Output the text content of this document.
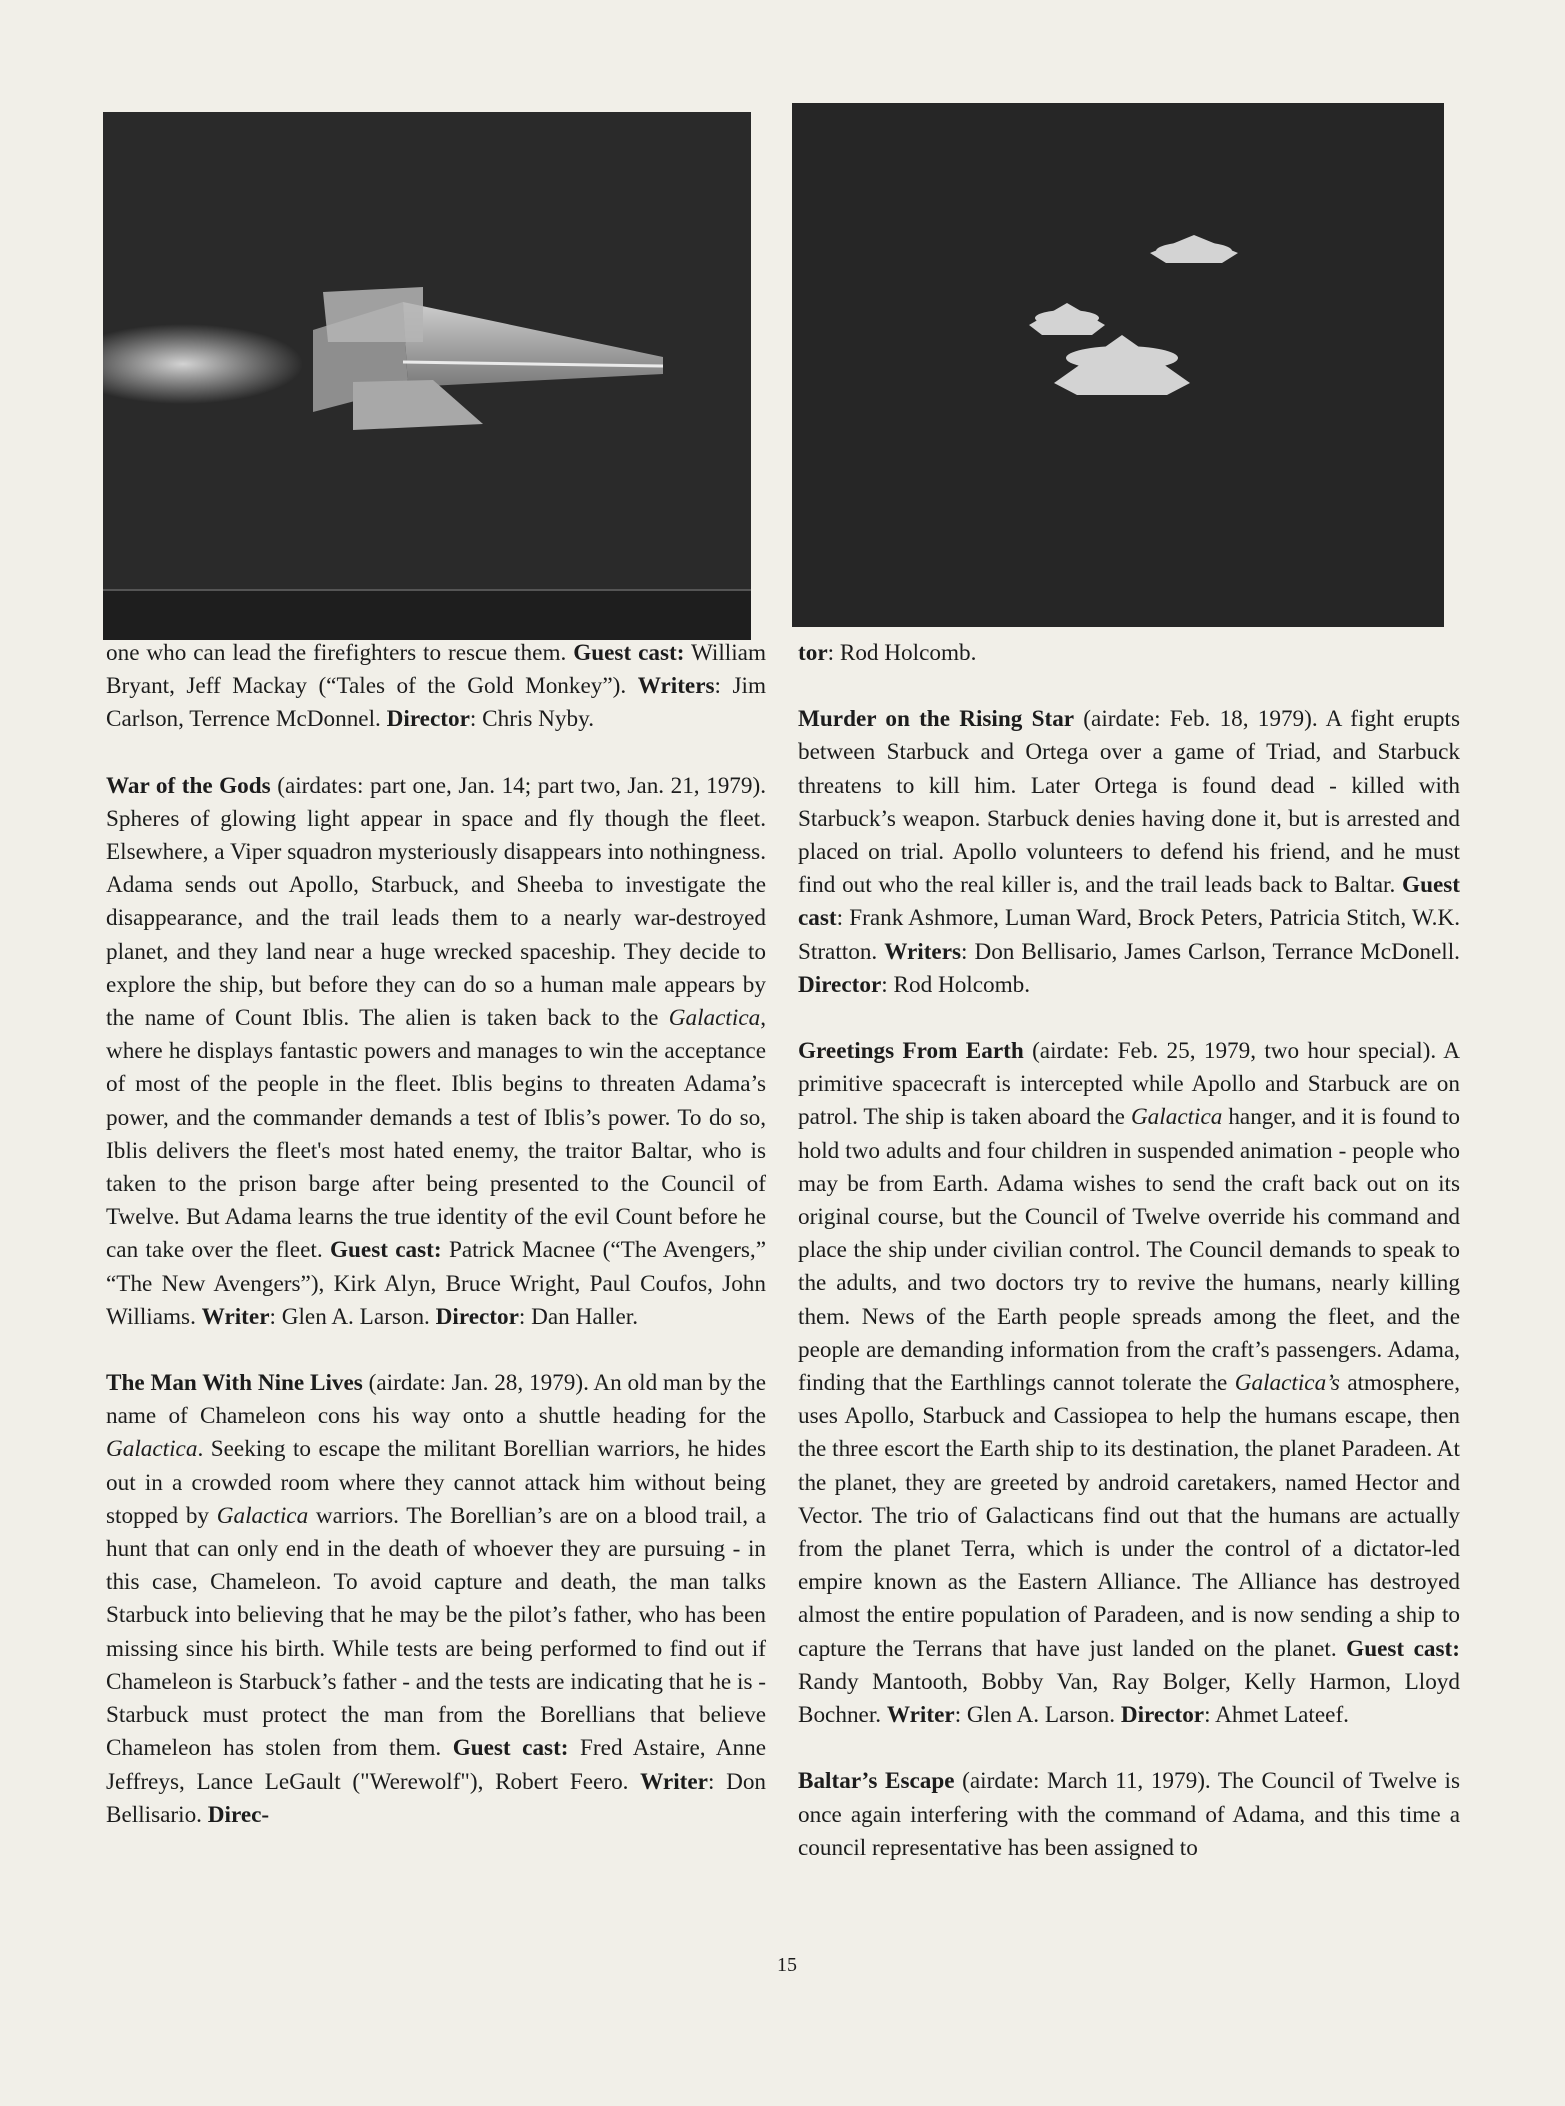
one who can lead the firefighters to rescue them. Guest cast: William Bryant, Jeff Mackay (“Tales of the Gold Monkey”). Writers: Jim Carlson, Terrence McDonnel. Director: Chris Nyby.

War of the Gods (airdates: part one, Jan. 14; part two, Jan. 21, 1979). Spheres of glowing light appear in space and fly though the fleet. Elsewhere, a Viper squadron mysteriously disappears into nothingness. Adama sends out Apollo, Starbuck, and Sheeba to investigate the disappearance, and the trail leads them to a nearly war-destroyed planet, and they land near a huge wrecked spaceship. They decide to explore the ship, but before they can do so a human male appears by the name of Count Iblis. The alien is taken back to the Galactica, where he displays fantastic powers and manages to win the acceptance of most of the people in the fleet. Iblis begins to threaten Adama’s power, and the commander demands a test of Iblis’s power. To do so, Iblis delivers the fleet's most hated enemy, the traitor Baltar, who is taken to the prison barge after being presented to the Council of Twelve. But Adama learns the true identity of the evil Count before he can take over the fleet. Guest cast: Patrick Macnee (“The Avengers,” “The New Avengers”), Kirk Alyn, Bruce Wright, Paul Coufos, John Williams. Writer: Glen A. Larson. Director: Dan Haller.

The Man With Nine Lives (airdate: Jan. 28, 1979). An old man by the name of Chameleon cons his way onto a shuttle heading for the Galactica. Seeking to escape the militant Borellian warriors, he hides out in a crowded room where they cannot attack him without being stopped by Galactica warriors. The Borellian’s are on a blood trail, a hunt that can only end in the death of whoever they are pursuing - in this case, Chameleon. To avoid capture and death, the man talks Starbuck into believing that he may be the pilot’s father, who has been missing since his birth. While tests are being performed to find out if Chameleon is Starbuck’s father - and the tests are indicating that he is - Starbuck must protect the man from the Borellians that believe Chameleon has stolen from them. Guest cast: Fred Astaire, Anne Jeffreys, Lance LeGault ("Werewolf"), Robert Feero. Writer: Don Bellisario. Direc-

tor: Rod Holcomb.

Murder on the Rising Star (airdate: Feb. 18, 1979). A fight erupts between Starbuck and Ortega over a game of Triad, and Starbuck threatens to kill him. Later Ortega is found dead - killed with Starbuck’s weapon. Starbuck denies having done it, but is arrested and placed on trial. Apollo volunteers to defend his friend, and he must find out who the real killer is, and the trail leads back to Baltar. Guest cast: Frank Ashmore, Luman Ward, Brock Peters, Patricia Stitch, W.K. Stratton. Writers: Don Bellisario, James Carlson, Terrance McDonell. Director: Rod Holcomb.

Greetings From Earth (airdate: Feb. 25, 1979, two hour special). A primitive spacecraft is intercepted while Apollo and Starbuck are on patrol. The ship is taken aboard the Galactica hanger, and it is found to hold two adults and four children in suspended animation - people who may be from Earth. Adama wishes to send the craft back out on its original course, but the Council of Twelve override his command and place the ship under civilian control. The Council demands to speak to the adults, and two doctors try to revive the humans, nearly killing them. News of the Earth people spreads among the fleet, and the people are demanding information from the craft’s passengers. Adama, finding that the Earthlings cannot tolerate the Galactica’s atmosphere, uses Apollo, Starbuck and Cassiopea to help the humans escape, then the three escort the Earth ship to its destination, the planet Paradeen. At the planet, they are greeted by android caretakers, named Hector and Vector. The trio of Galacticans find out that the humans are actually from the planet Terra, which is under the control of a dictator-led empire known as the Eastern Alliance. The Alliance has destroyed almost the entire population of Paradeen, and is now sending a ship to capture the Terrans that have just landed on the planet. Guest cast: Randy Mantooth, Bobby Van, Ray Bolger, Kelly Harmon, Lloyd Bochner. Writer: Glen A. Larson. Director: Ahmet Lateef.

Baltar’s Escape (airdate: March 11, 1979). The Council of Twelve is once again interfering with the command of Adama, and this time a council representative has been assigned to

15
